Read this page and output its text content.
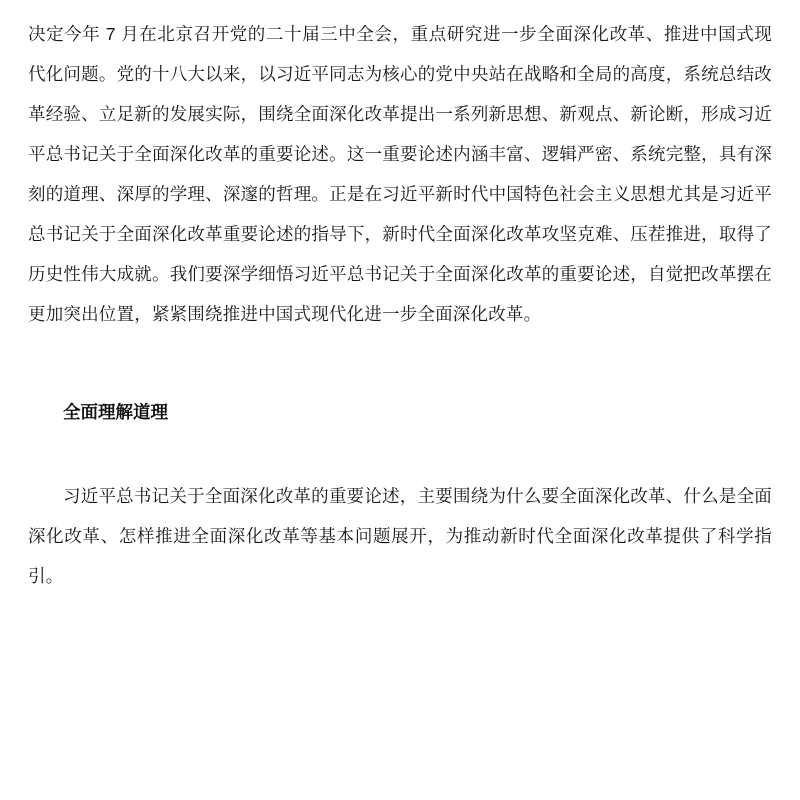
决定今年 7 月在北京召开党的二十届三中全会，重点研究进一步全面深化改革、推进中国式现代化问题。党的十八大以来，以习近平同志为核心的党中央站在战略和全局的高度，系统总结改革经验、立足新的发展实际，围绕全面深化改革提出一系列新思想、新观点、新论断，形成习近平总书记关于全面深化改革的重要论述。这一重要论述内涵丰富、逻辑严密、系统完整，具有深刻的道理、深厚的学理、深邃的哲理。正是在习近平新时代中国特色社会主义思想尤其是习近平总书记关于全面深化改革重要论述的指导下，新时代全面深化改革攻坚克难、压茬推进，取得了历史性伟大成就。我们要深学细悟习近平总书记关于全面深化改革的重要论述，自觉把改革摆在更加突出位置，紧紧围绕推进中国式现代化进一步全面深化改革。

全面理解道理

习近平总书记关于全面深化改革的重要论述，主要围绕为什么要全面深化改革、什么是全面深化改革、怎样推进全面深化改革等基本问题展开，为推动新时代全面深化改革提供了科学指引。
